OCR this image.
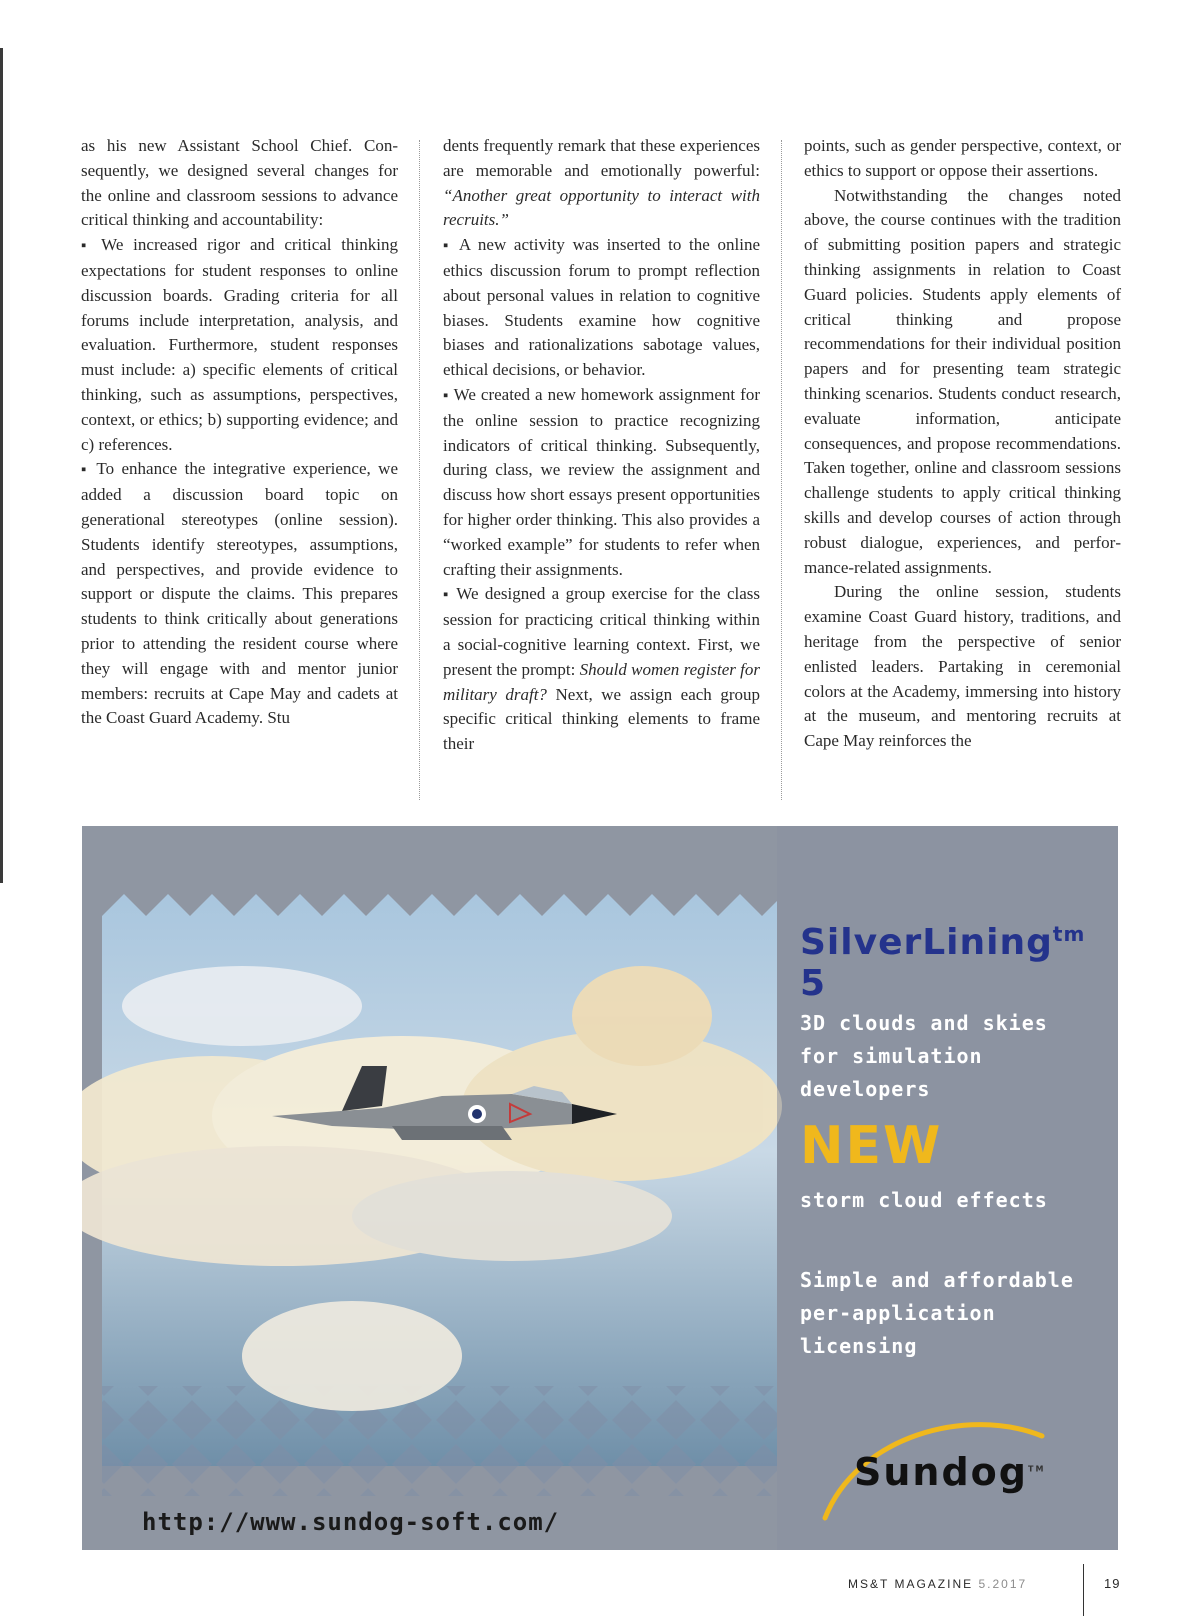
as his new Assistant School Chief. Consequently, we designed several changes for the online and classroom sessions to advance critical thinking and accountability:

▪ We increased rigor and critical thinking expectations for student responses to online discussion boards. Grading criteria for all forums include interpretation, analysis, and evaluation. Furthermore, student responses must include: a) specific elements of critical thinking, such as assumptions, perspectives, context, or ethics; b) supporting evidence; and c) references.

▪ To enhance the integrative experience, we added a discussion board topic on generational stereotypes (online session). Students identify stereotypes, assumptions, and perspectives, and provide evidence to support or dispute the claims. This prepares students to think critically about generations prior to attending the resident course where they will engage with and mentor junior members: recruits at Cape May and cadets at the Coast Guard Academy. Stu

dents frequently remark that these experiences are memorable and emotionally powerful: “Another great opportunity to interact with recruits.”

▪ A new activity was inserted to the online ethics discussion forum to prompt reflection about personal values in relation to cognitive biases. Students examine how cognitive biases and rationalizations sabotage values, ethical decisions, or behavior.

▪ We created a new homework assignment for the online session to practice recognizing indicators of critical thinking. Subsequently, during class, we review the assignment and discuss how short essays present opportunities for higher order thinking. This also provides a “worked example” for students to refer when crafting their assignments.

▪ We designed a group exercise for the class session for practicing critical thinking within a social-cognitive learning context. First, we present the prompt: Should women register for military draft? Next, we assign each group specific critical thinking elements to frame their

points, such as gender perspective, context, or ethics to support or oppose their assertions.

Notwithstanding the changes noted above, the course continues with the tradition of submitting position papers and strategic thinking assignments in relation to Coast Guard policies. Students apply elements of critical thinking and propose recommendations for their individual position papers and for presenting team strategic thinking scenarios. Students conduct research, evaluate information, anticipate consequences, and propose recommendations. Taken together, online and classroom sessions challenge students to apply critical thinking skills and develop courses of action through robust dialogue, experiences, and performance-related assignments.

During the online session, students examine Coast Guard history, traditions, and heritage from the perspective of senior enlisted leaders. Partaking in ceremonial colors at the Academy, immersing into history at the museum, and mentoring recruits at Cape May reinforces the

SilverLining$^{tm}$ 5
3D clouds and skies
for simulation developers
NEW
storm cloud effects
Simple and affordable
per-application
licensing
Sundog™
http://www.sundog-soft.com/
MS&T MAGAZINE 5.2017	19
